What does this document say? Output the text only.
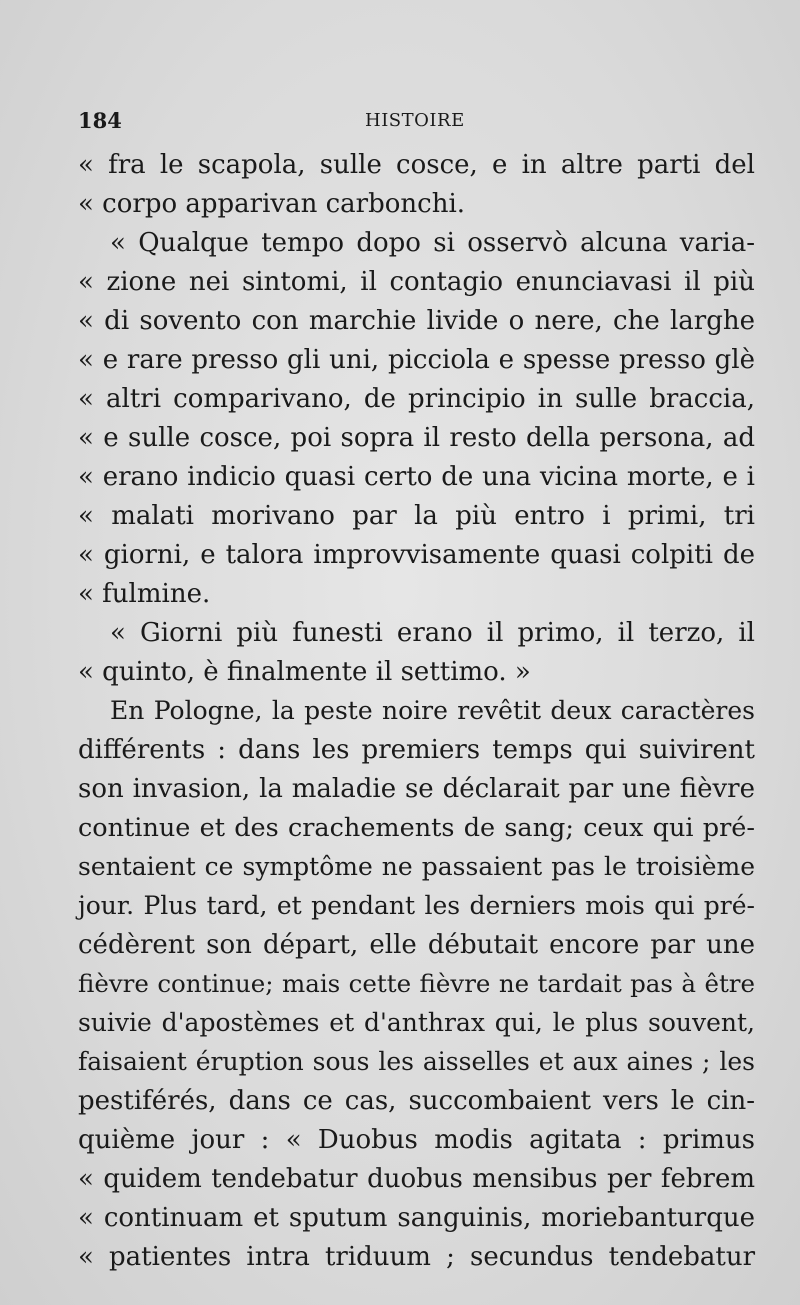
184	HISTOIRE
« fra le scapola, sulle cosce, e in altre parti del
« corpo apparivan carbonchi.
« Qualque tempo dopo si osservò alcuna varia-
« zione nei sintomi, il contagio enunciavasi il più
« di sovento con marchie livide o nere, che larghe
« e rare presso gli uni, picciola e spesse presso glè
« altri comparivano, de principio in sulle braccia,
« e sulle cosce, poi sopra il resto della persona, ad
« erano indicio quasi certo de una vicina morte, e i
« malati morivano par la più entro i primi, tri
« giorni, e talora improvvisamente quasi colpiti de
« fulmine.
« Giorni più funesti erano il primo, il terzo, il
« quinto, è finalmente il settimo. »
En Pologne, la peste noire revêtit deux caractères
différents : dans les premiers temps qui suivirent
son invasion, la maladie se déclarait par une fièvre
continue et des crachements de sang; ceux qui pré-
sentaient ce symptôme ne passaient pas le troisième
jour. Plus tard, et pendant les derniers mois qui pré-
cédèrent son départ, elle débutait encore par une
fièvre continue; mais cette fièvre ne tardait pas à être
suivie d'apostèmes et d'anthrax qui, le plus souvent,
faisaient éruption sous les aisselles et aux aines ; les
pestiférés, dans ce cas, succombaient vers le cin-
quième jour : « Duobus modis agitata : primus
« quidem tendebatur duobus mensibus per febrem
« continuam et sputum sanguinis, moriebanturque
« patientes intra triduum ; secundus tendebatur
